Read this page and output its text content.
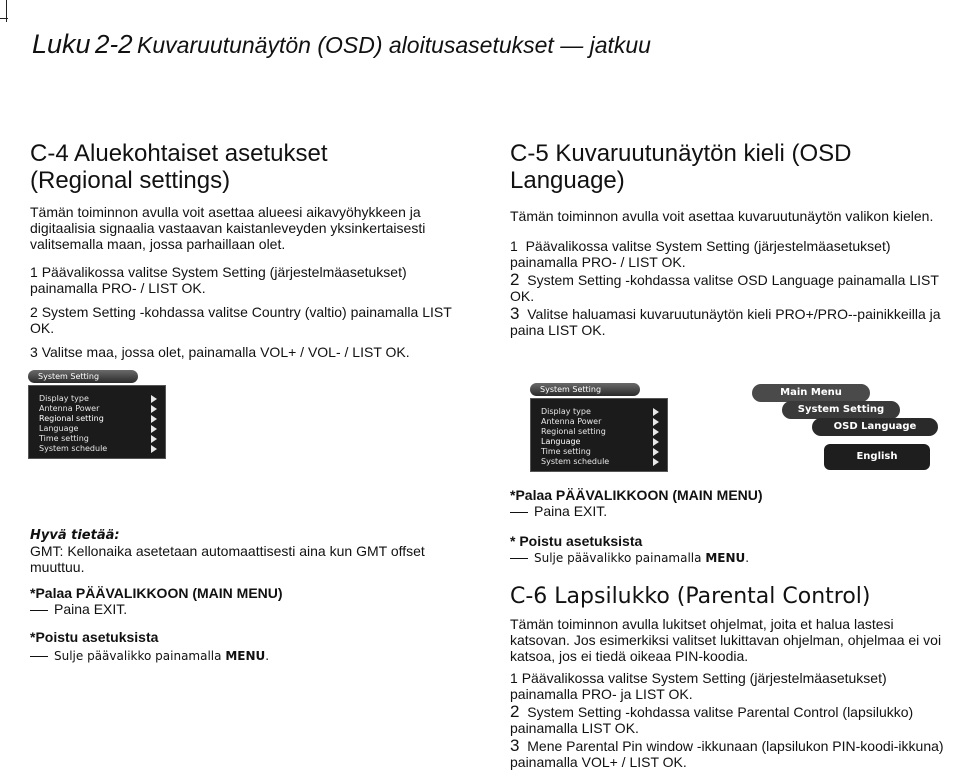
Luku 2-2 Kuvaruutunäytön (OSD) aloitusasetukset — jatkuu
C-4 Aluekohtaiset asetukset (Regional settings)

Tämän toiminnon avulla voit asettaa alueesi aikavyöhykkeen ja digitaalisia signaalia vastaavan kaistanleveyden yksinkertaisesti valitsemalla maan, jossa parhaillaan olet.

1 Päävalikossa valitse System Setting (järjestelmäasetukset) painamalla PRO- / LIST OK.
2 System Setting -kohdassa valitse Country (valtio) painamalla LIST OK.
3 Valitse maa, jossa olet, painamalla VOL+ / VOL- / LIST OK.
System Setting
Display type
Antenna Power
Regional setting
Language
Time setting
System schedule
Hyvä tietää:

GMT: Kellonaika asetetaan automaattisesti aina kun GMT offset muuttuu.

*Palaa PÄÄVALIKKOON (MAIN MENU)
Paina EXIT.
*Poistu asetuksista
Sulje päävalikko painamalla MENU.
C-5 Kuvaruutunäytön kieli (OSD Language)

Tämän toiminnon avulla voit asettaa kuvaruutunäytön valikon kielen.

1 Päävalikossa valitse System Setting (järjestelmäasetukset) painamalla PRO- / LIST OK.
2 System Setting -kohdassa valitse OSD Language painamalla LIST OK.
3 Valitse haluamasi kuvaruutunäytön kieli PRO+/PRO--painikkeilla ja paina LIST OK.
System Setting
Display type
Antenna Power
Regional setting
Language
Time setting
System schedule
Main Menu
System Setting
OSD Language
English
*Palaa PÄÄVALIKKOON (MAIN MENU)
Paina EXIT.
* Poistu asetuksista
Sulje päävalikko painamalla MENU.
C-6 Lapsilukko (Parental Control)

Tämän toiminnon avulla lukitset ohjelmat, joita et halua lastesi katsovan. Jos esimerkiksi valitset lukittavan ohjelman, ohjelmaa ei voi katsoa, jos ei tiedä oikeaa PIN-koodia.

1 Päävalikossa valitse System Setting (järjestelmäasetukset) painamalla PRO- ja LIST OK.
2 System Setting -kohdassa valitse Parental Control (lapsilukko) painamalla LIST OK.
3 Mene Parental Pin window -ikkunaan (lapsilukon PIN-koodi-ikkuna) painamalla VOL+ / LIST OK.
